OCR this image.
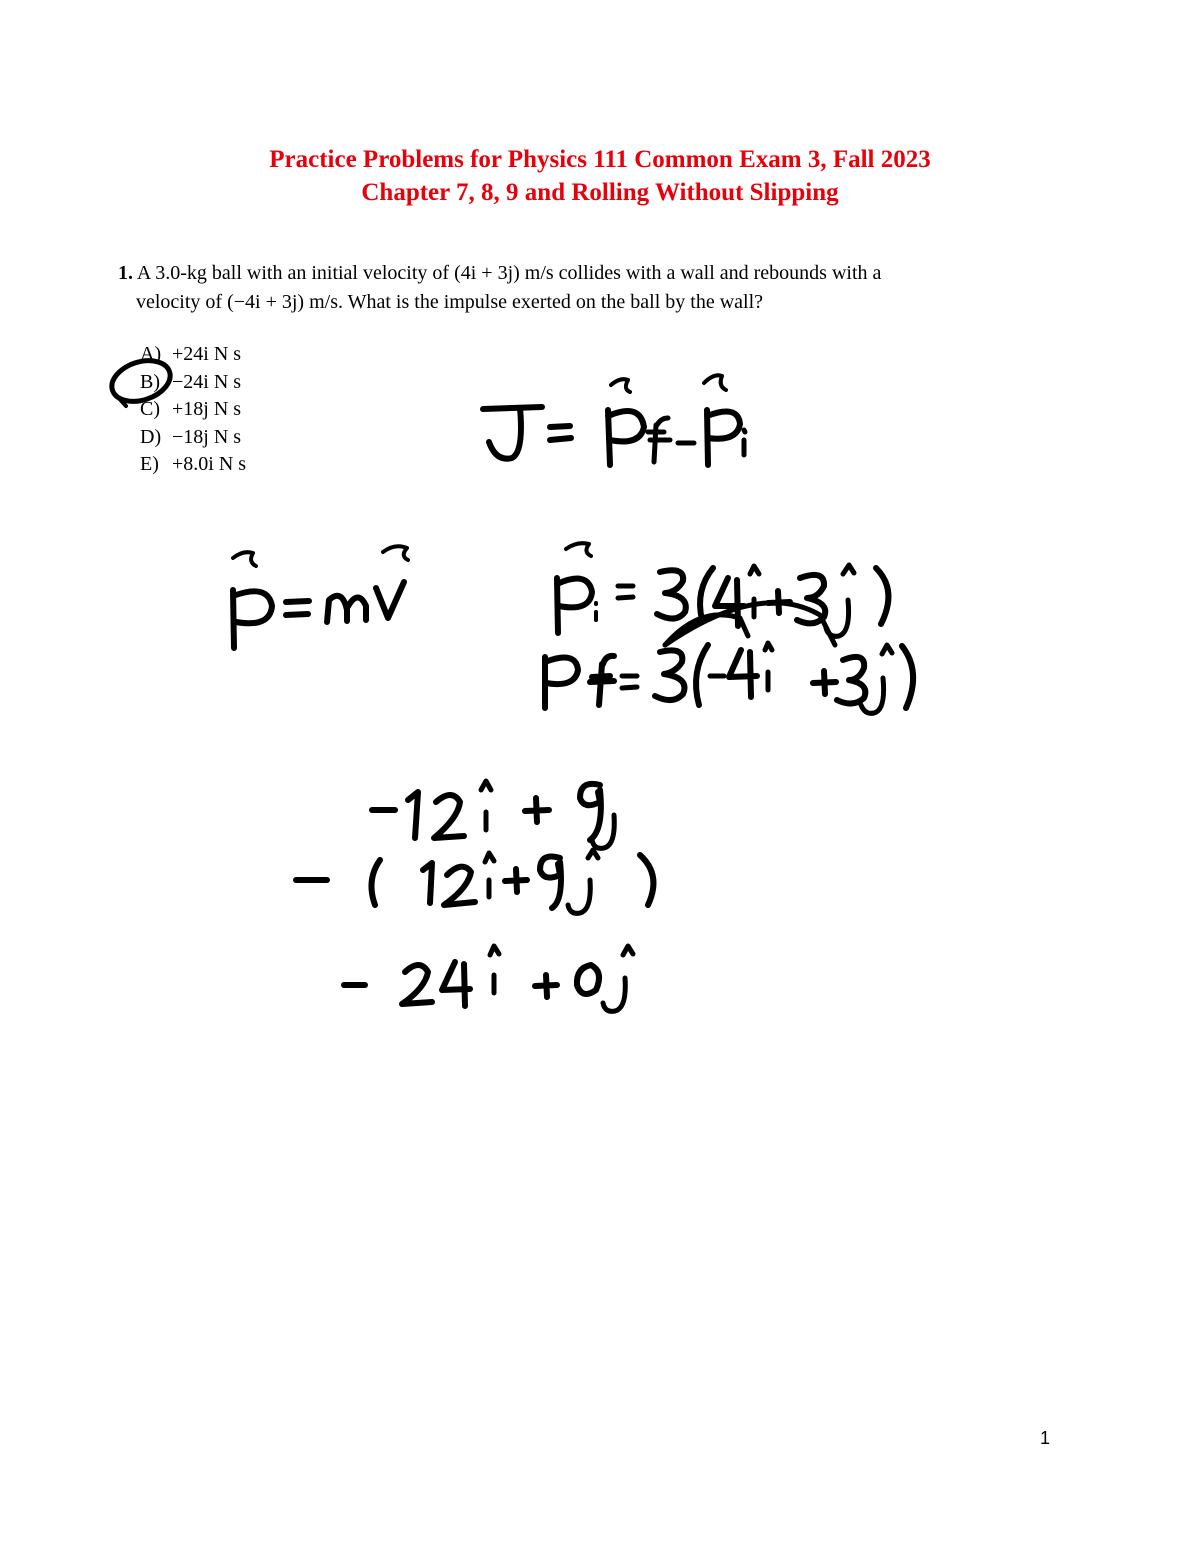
Practice Problems for Physics 111 Common Exam 3, Fall 2023
Chapter 7, 8, 9 and Rolling Without Slipping
1. A 3.0-kg ball with an initial velocity of (4i + 3j) m/s collides with a wall and rebounds with a
velocity of (−4i + 3j) m/s. What is the impulse exerted on the ball by the wall?
A) +24i N s
B) −24i N s
C) +18j N s
D) −18j N s
E) +8.0i N s
1
